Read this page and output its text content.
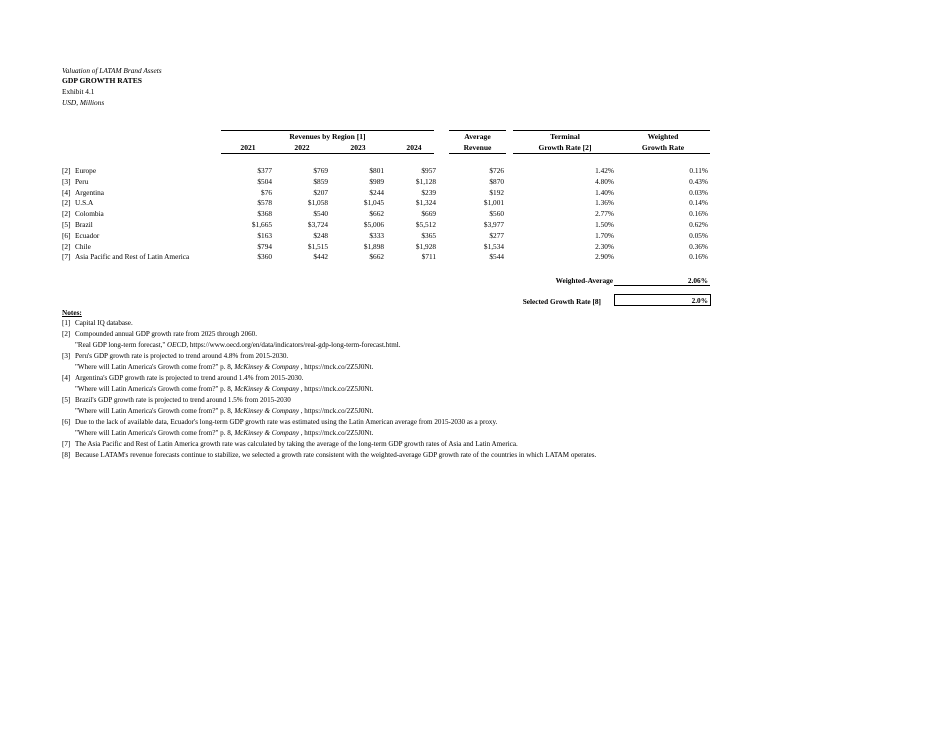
Valuation of LATAM Brand Assets
GDP GROWTH RATES
Exhibit 4.1
USD, Millions
Revenues by Region [1]	Average	Terminal	Weighted
2021	2022	2023	2024	Revenue	Growth Rate [2]	Growth Rate
[2] Europe	$377	$769	$801	$957	$726	1.42%	0.11%
[3] Peru	$504	$859	$989	$1,128	$870	4.80%	0.43%
[4] Argentina	$76	$207	$244	$239	$192	1.40%	0.03%
[2] U.S.A	$578	$1,058	$1,045	$1,324	$1,001	1.36%	0.14%
[2] Colombia	$368	$540	$662	$669	$560	2.77%	0.16%
[5] Brazil	$1,665	$3,724	$5,006	$5,512	$3,977	1.50%	0.62%
[6] Ecuador	$163	$248	$333	$365	$277	1.70%	0.05%
[2] Chile	$794	$1,515	$1,898	$1,928	$1,534	2.30%	0.36%
[7] Asia Pacific and Rest of Latin America	$360	$442	$662	$711	$544	2.90%	0.16%
Weighted-Average	2.06%
Selected Growth Rate [8]	2.0%
Notes:
[1] Capital IQ database.
[2] Compounded annual GDP growth rate from 2025 through 2060.
"Real GDP long-term forecast," OECD, https://www.oecd.org/en/data/indicators/real-gdp-long-term-forecast.html.
[3] Peru's GDP growth rate is projected to trend around 4.8% from 2015-2030.
"Where will Latin America's Growth come from?" p. 8, McKinsey & Company , https://mck.co/2Z5J0Nt.
[4] Argentina's GDP growth rate is projected to trend around 1.4% from 2015-2030.
"Where will Latin America's Growth come from?" p. 8, McKinsey & Company , https://mck.co/2Z5J0Nt.
[5] Brazil's GDP growth rate is projected to trend around 1.5% from 2015-2030
"Where will Latin America's Growth come from?" p. 8, McKinsey & Company , https://mck.co/2Z5J0Nt.
[6] Due to the lack of available data, Ecuador's long-term GDP growth rate was estimated using the Latin American average from 2015-2030 as a proxy.
"Where will Latin America's Growth come from?" p. 8, McKinsey & Company , https://mck.co/2Z5J0Nt.
[7] The Asia Pacific and Rest of Latin America growth rate was calculated by taking the average of the long-term GDP growth rates of Asia and Latin America.
[8] Because LATAM's revenue forecasts continue to stabilize, we selected a growth rate consistent with the weighted-average GDP growth rate of the countries in which LATAM operates.
